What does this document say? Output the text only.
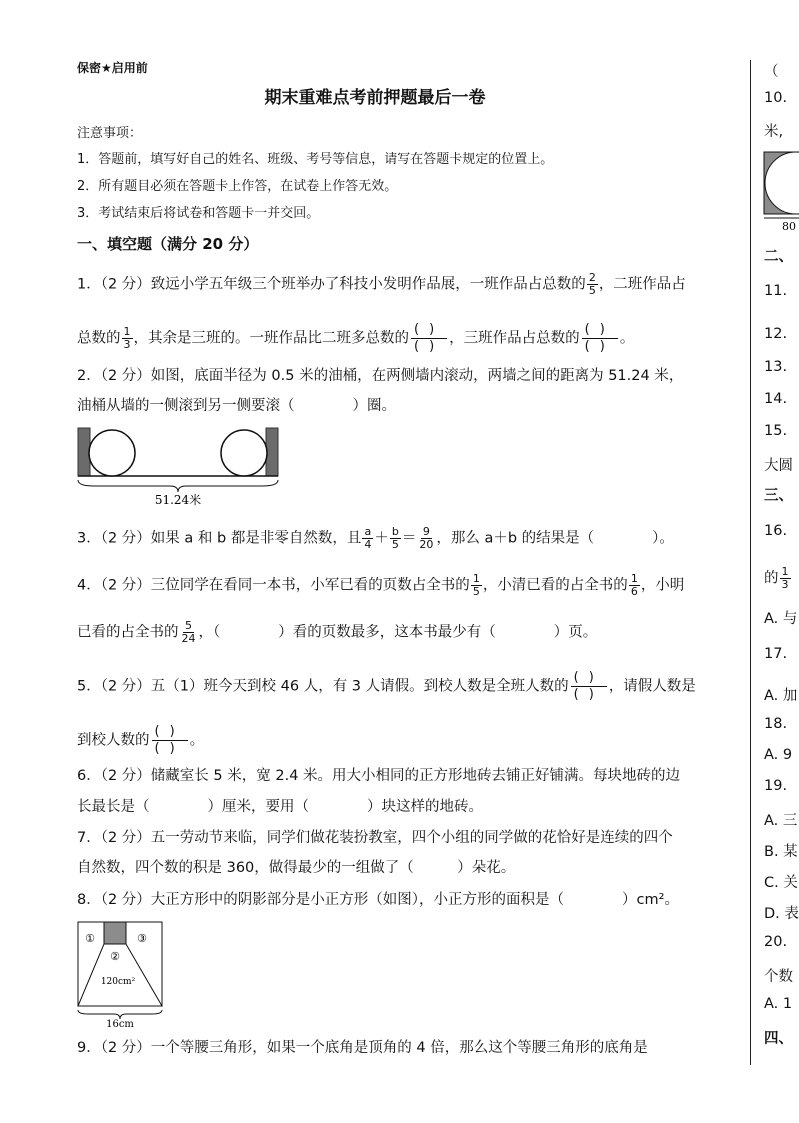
保密★启用前
期末重难点考前押题最后一卷
注意事项：
1．答题前，填写好自己的姓名、班级、考号等信息，请写在答题卡规定的位置上。
2．所有题目必须在答题卡上作答，在试卷上作答无效。
3．考试结束后将试卷和答题卡一并交回。
一、填空题（满分 20 分）
1．（2 分）致远小学五年级三个班举办了科技小发明作品展，一班作品占总数的 $\frac{2}{5}$ ，二班作品占
总数的 $\frac{1}{3}$ ，其余是三班的。一班作品比二班多总数的
()
() ，三班作品占总数的
()
() 。
2．（2 分）如图，底面半径为 0.5 米的油桶，在两侧墙内滚动，两墙之间的距离为 51.24 米，
油桶从墙的一侧滚到另一侧要滚（　　　　）圈。
51.24米
3．（2 分）如果 a 和 b 都是非零自然数，且 $\frac{a}{4} + \frac{b}{5} = \frac{9}{20}$ ，那么 a＋b 的结果是（　　　　）。
4．（2 分）三位同学在看同一本书，小军已看的页数占全书的 $\frac{1}{5}$ ，小清已看的占全书的 $\frac{1}{6}$ ，小明
已看的占全书的 $\frac{5}{24}$ ，（　　　　）看的页数最多，这本书最少有（　　　　）页。
5．（2 分）五（1）班今天到校 46 人，有 3 人请假。到校人数是全班人数的
()
() ，请假人数是
到校人数的
()
() 。
6．（2 分）储藏室长 5 米，宽 2.4 米。用大小相同的正方形地砖去铺正好铺满。每块地砖的边
长最长是（　　　　）厘米，要用（　　　　）块这样的地砖。
7．（2 分）五一劳动节来临，同学们做花装扮教室，四个小组的同学做的花恰好是连续的四个
自然数，四个数的积是 360，做得最少的一组做了（　　　）朵花。
8．（2 分）大正方形中的阴影部分是小正方形（如图），小正方形的面积是（　　　　）cm²。
①
②
③
120cm²
16cm
9．（2 分）一个等腰三角形，如果一个底角是顶角的 4 倍，那么这个等腰三角形的底角是
（
10.
米,
80
二、
11.
12.
13.
14.
15.
大圆
三、
16.
的 $\frac{1}{3}$
A. 与
17.
A. 加
18.
A. 9
19.
A. 三
B. 某
C. 关
D. 表
20.
个数
A. 1
四、
